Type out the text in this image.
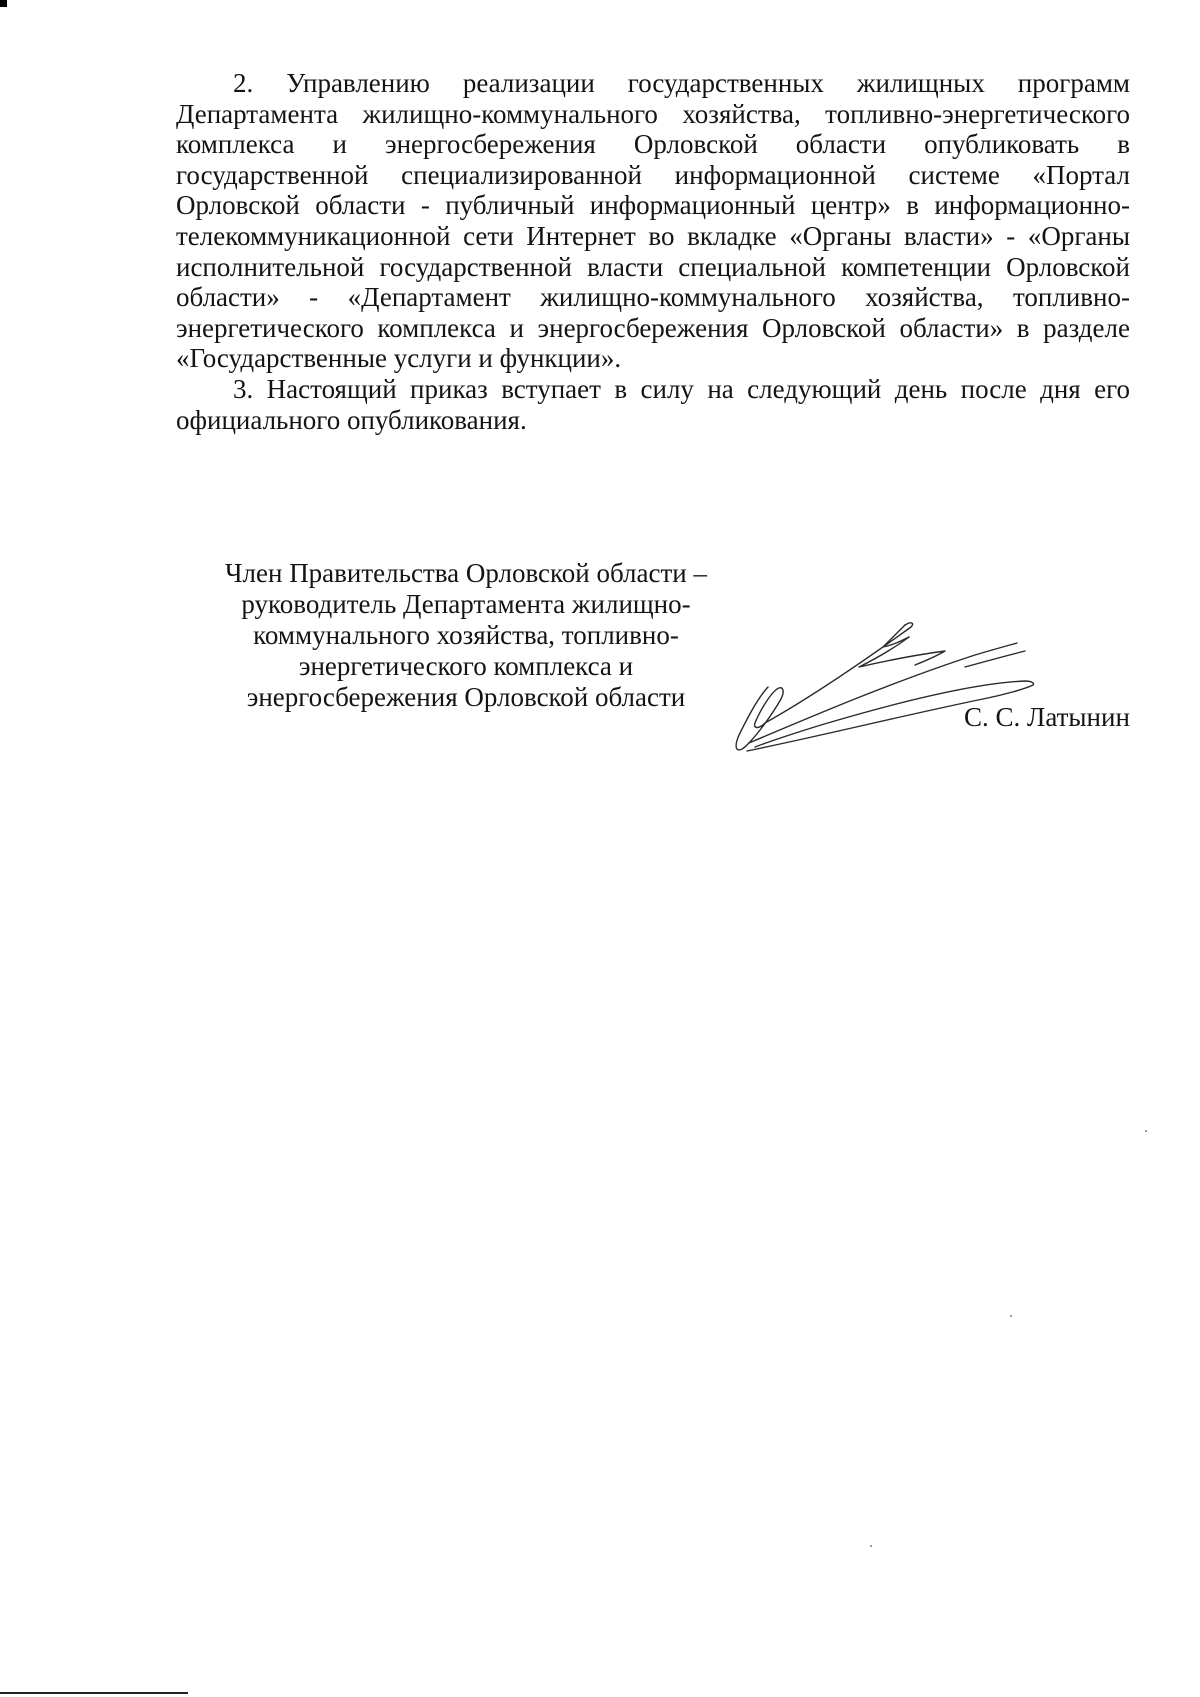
2. Управлению реализации государственных жилищных программ Департамента жилищно-коммунального хозяйства, топливно-энергетического комплекса и энергосбережения Орловской области опубликовать в государственной специализированной информационной системе «Портал Орловской области - публичный информационный центр» в информационно-телекоммуникационной сети Интернет во вкладке «Органы власти» - «Органы исполнительной государственной власти специальной компетенции Орловской области» - «Департамент жилищно-коммунального хозяйства, топливно-энергетического комплекса и энергосбережения Орловской области» в разделе «Государственные услуги и функции».

3. Настоящий приказ вступает в силу на следующий день после дня его официального опубликования.

Член Правительства Орловской области –
руководитель Департамента жилищно-
коммунального хозяйства, топливно-
энергетического комплекса и
энергосбережения Орловской области
С. С. Латынин
